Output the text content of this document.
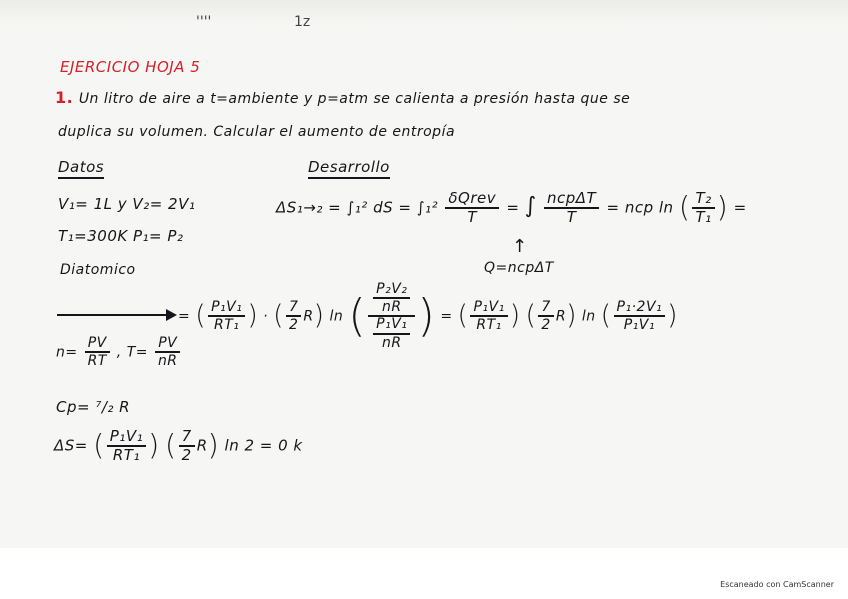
''''	1z
EJERCICIO HOJA 5
1. Un litro de aire a t=ambiente y p=atm se calienta a presión hasta que se
duplica su volumen. Calcular el aumento de entropía
Datos
V₁= 1L y V₂= 2V₁
T₁=300K P₁= P₂
Diatomico
Desarrollo
ΔS₁→₂ = ∫₁² dS = $\int_1^2 \frac{\text{δQrev}}{T}$ = ∫ $\frac{\text{ncpΔT}}{T}$ = ncp ln ( $\frac{\text{T₂}}{\text{T₁}}$ ) =
↑
Q=ncpΔT
= ( $\frac{\text{P₁V₁}}{\text{RT₁}}$ ) · ( $\frac{7}{2} R$) ln ( $\frac{\frac{\text{P₂V₂}}{nR}}{\frac{\text{P₁V₁}}{nR}}$ ) = ( $\frac{\text{P₁V₁}}{\text{RT₁}}$ ) ( $\frac{7}{2} R$) ln ( $\frac{\text{P₁·2V₁}}{\text{P₁V₁}}$ )
$n= \frac{PV}{RT}$ , $T= \frac{PV}{nR}$
Cp= ⁷/₂ R
ΔS= ( $\frac{\text{P₁V₁}}{\text{RT₁}}$ ) ( $\frac{7}{2} R$) ln 2 = 0 k
Escaneado con CamScanner
